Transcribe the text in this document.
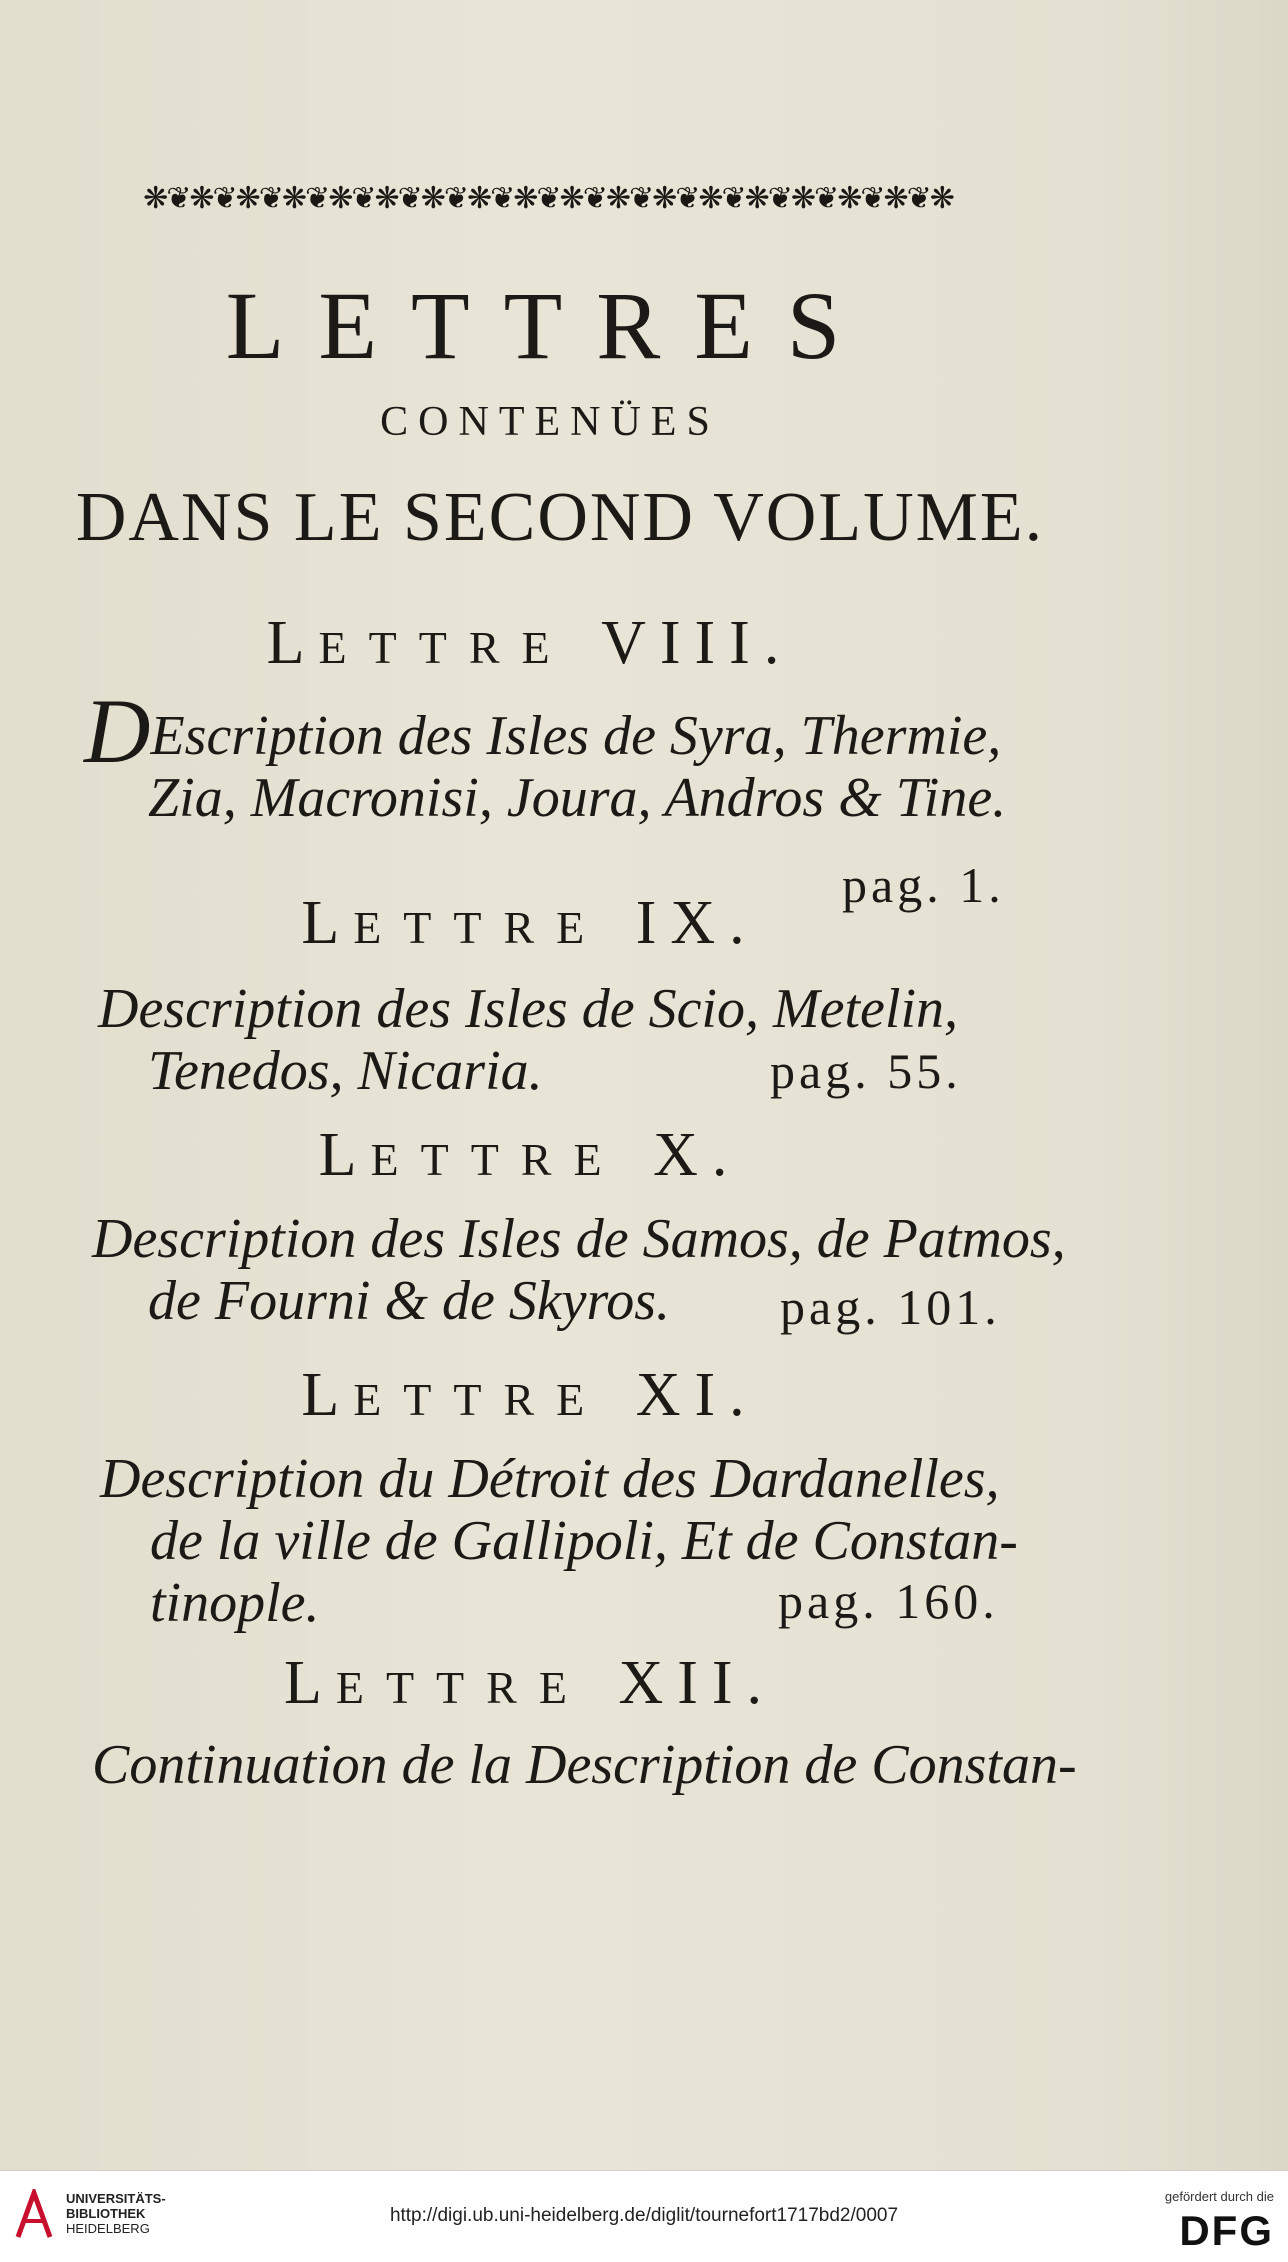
❋❦❋❦❋❦❋❦❋❦❋❦❋❦❋❦❋❦❋❦❋❦❋❦❋❦❋❦❋❦❋❦❋❦❋
LETTRES
CONTENÜES
DANS LE SECOND VOLUME.
LETTRE VIII.
DEscription des Isles de Syra, Thermie,
Zia, Macronisi, Joura, Andros & Tine.
pag. 1.
LETTRE IX.
Description des Isles de Scio, Metelin,
Tenedos, Nicaria.	pag. 55.
LETTRE X.
Description des Isles de Samos, de Patmos,
de Fourni & de Skyros.	pag. 101.
LETTRE XI.
Description du Détroit des Dardanelles,
de la ville de Gallipoli, Et de Constan-
tinople.	pag. 160.
LETTRE XII.
Continuation de la Description de Constan-
UNIVERSITÄTS-
BIBLIOTHEK
HEIDELBERG
http://digi.ub.uni-heidelberg.de/diglit/tournefort1717bd2/0007
gefördert durch die
DFG
